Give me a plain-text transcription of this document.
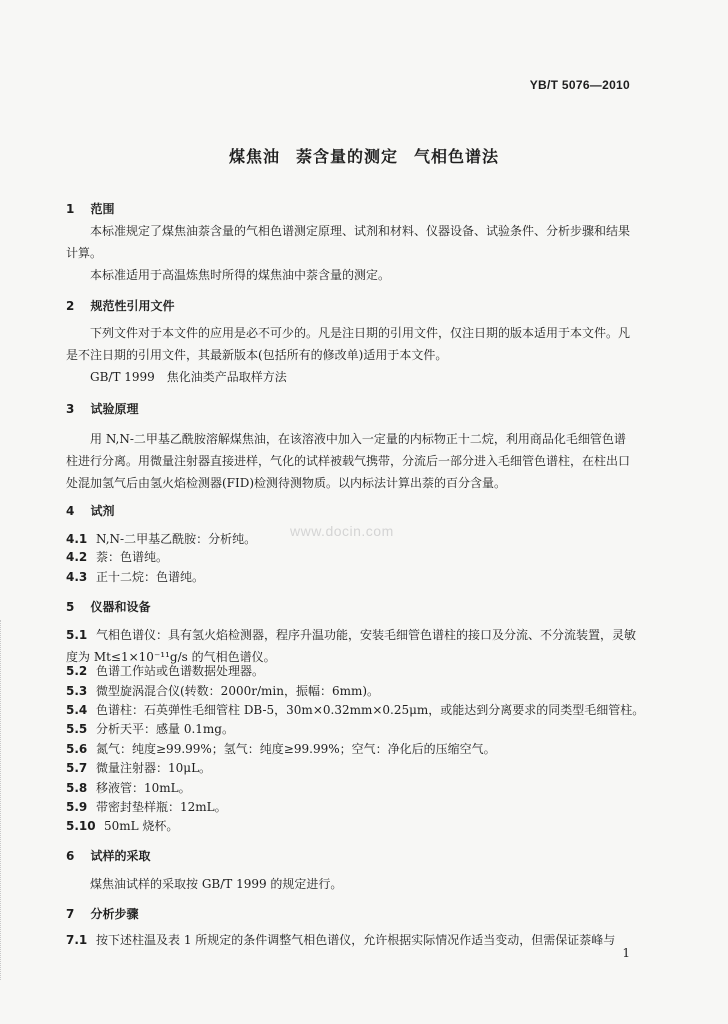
YB/T 5076—2010
煤焦油 萘含量的测定 气相色谱法
1 范围
本标准规定了煤焦油萘含量的气相色谱测定原理、试剂和材料、仪器设备、试验条件、分析步骤和结果计算。
本标准适用于高温炼焦时所得的煤焦油中萘含量的测定。
2 规范性引用文件
下列文件对于本文件的应用是必不可少的。凡是注日期的引用文件，仅注日期的版本适用于本文件。凡是不注日期的引用文件，其最新版本(包括所有的修改单)适用于本文件。
GB/T 1999　焦化油类产品取样方法
3 试验原理
用 N,N-二甲基乙酰胺溶解煤焦油，在该溶液中加入一定量的内标物正十二烷，利用商品化毛细管色谱柱进行分离。用微量注射器直接进样，气化的试样被载气携带，分流后一部分进入毛细管色谱柱，在柱出口处混加氢气后由氢火焰检测器(FID)检测待测物质。以内标法计算出萘的百分含量。
4 试剂
4.1 N,N-二甲基乙酰胺：分析纯。
4.2 萘：色谱纯。
4.3 正十二烷：色谱纯。
5 仪器和设备
5.1 气相色谱仪：具有氢火焰检测器，程序升温功能，安装毛细管色谱柱的接口及分流、不分流装置，灵敏度为 Mt≤1×10⁻¹¹g/s 的气相色谱仪。
5.2 色谱工作站或色谱数据处理器。
5.3 微型旋涡混合仪(转数：2000r/min，振幅：6mm)。
5.4 色谱柱：石英弹性毛细管柱 DB-5，30m×0.32mm×0.25μm，或能达到分离要求的同类型毛细管柱。
5.5 分析天平：感量 0.1mg。
5.6 氮气：纯度≥99.99%；氢气：纯度≥99.99%；空气：净化后的压缩空气。
5.7 微量注射器：10μL。
5.8 移液管：10mL。
5.9 带密封垫样瓶：12mL。
5.10 50mL 烧杯。
6 试样的采取
煤焦油试样的采取按 GB/T 1999 的规定进行。
7 分析步骤
7.1 按下述柱温及表 1 所规定的条件调整气相色谱仪，允许根据实际情况作适当变动，但需保证萘峰与
www.docin.com
1
